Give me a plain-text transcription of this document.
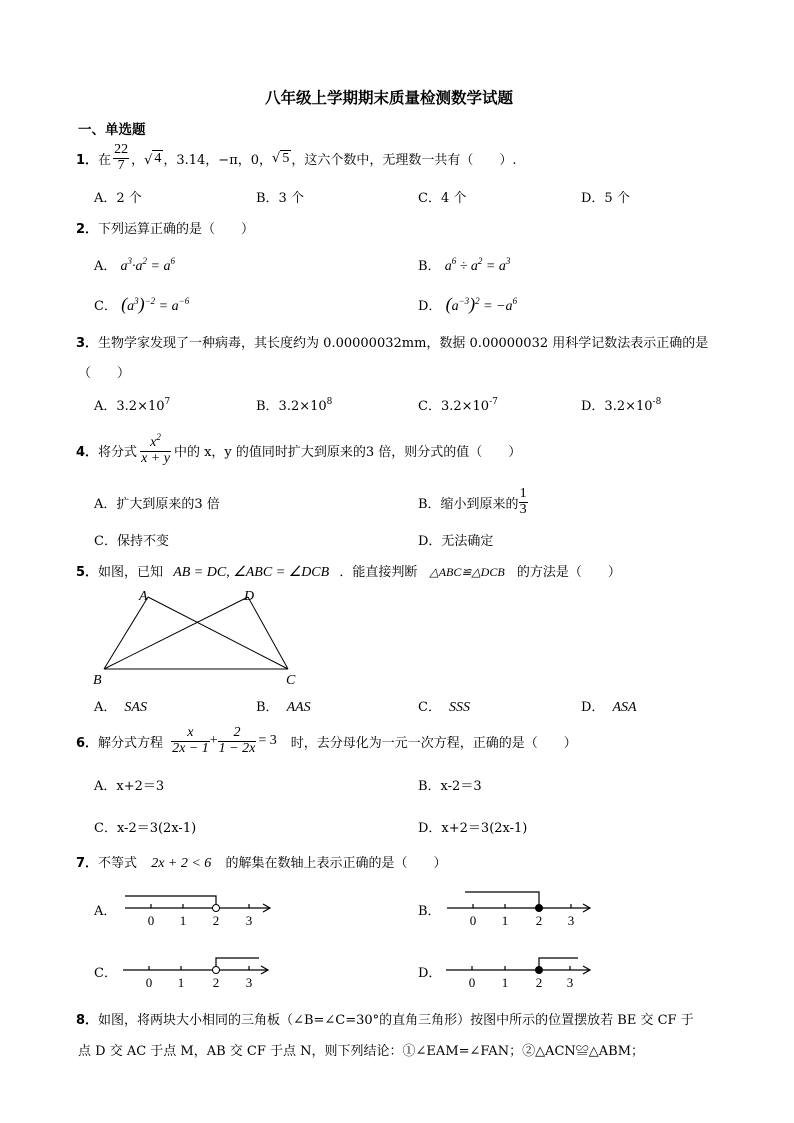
八年级上学期期末质量检测数学试题
一、单选题
1． 在 $\frac{22}{7}$ ，√ 4 ，3.14，−π，0， √ 5 ，这六个数中，无理数一共有（　　）.
A．2 个	B．3 个	C．4 个	D．5 个
2．下列运算正确的是（　　）
A． $a^3\cdot a^2 = a^6$	B． $a^6 \div a^2 = a^3$
C． $(a^3)^{-2} = a^{-6}$	D． $(a^{-3})^2 = -a^6$
3．生物学家发现了一种病毒，其长度约为 0.00000032mm，数据 0.00000032 用科学记数法表示正确的是
（　　）
A．$3.2\times 10^7$	B．$3.2\times 10^8$	C．$3.2\times 10^{-7}$	D．$3.2\times 10^{-8}$
4． 将分式 $\frac{x^2}{x + y}$ 中的 x，y 的值同时扩大到原来的3 倍，则分式的值（　　）
A．扩大到原来的3 倍	B．缩小到原来的 $\frac{1}{3}$
C．保持不变	D．无法确定
5．如图，已知 AB = DC, ∠ABC = ∠DCB ．能直接判断 △ABC≌△DCB 的方法是（　　）
A	D
B	C
A． SAS	B． AAS	C． SSS	D． ASA
6． 解分式方程 $\frac{x}{2x - 1} + \frac{2}{1 - 2x} = 3$ 时，去分母化为一元一次方程，正确的是（　　）
A．x+2＝3	B．x-2＝3
C．x-2＝3(2x-1)	D．x+2＝3(2x-1)
7．不等式 2x + 2 < 6 的解集在数轴上表示正确的是（　　）
A．
0 1 2 3
B．
0 1 2 3
C．
0 1 2 3
D．
0 1 2 3
8．如图，将两块大小相同的三角板（∠B=∠C=30°的直角三角形）按图中所示的位置摆放若 BE 交 CF 于
点 D 交 AC 于点 M，AB 交 CF 于点 N，则下列结论：①∠EAM=∠FAN；②△ACN≌△ABM；
